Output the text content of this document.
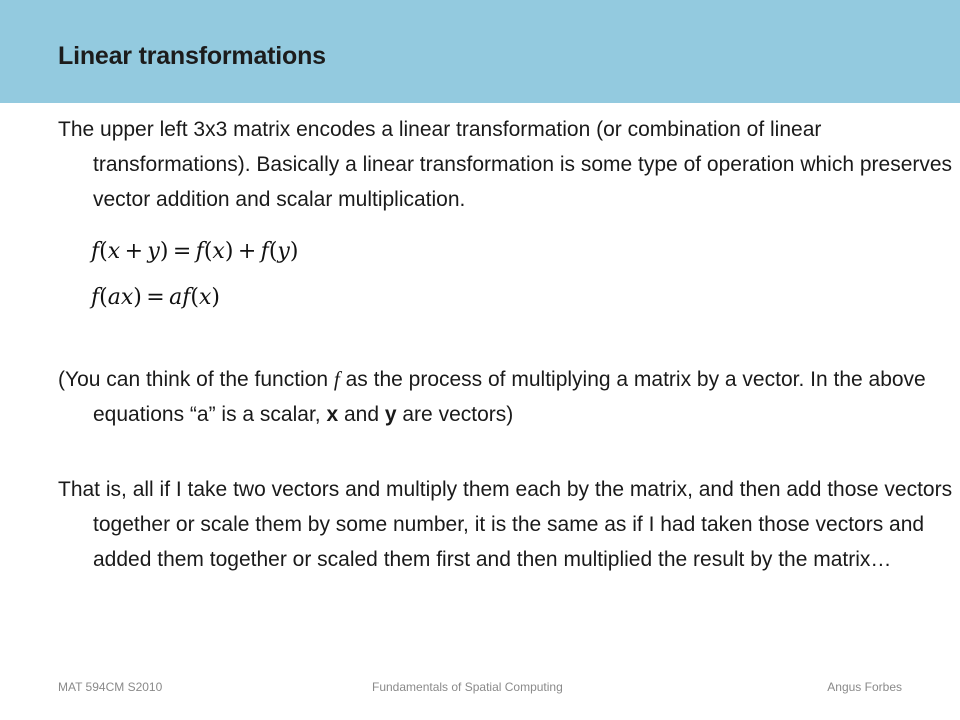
Linear transformations
The upper left 3x3 matrix encodes a linear transformation (or combination of linear transformations). Basically a linear transformation is some type of operation which preserves vector addition and scalar multiplication.
f(x + y) = f(x) + f(y)
f(ax) = af(x)
(You can think of the function f as the process of multiplying a matrix by a vector. In the above equations “a” is a scalar, x and y are vectors)
That is, all if I take two vectors and multiply them each by the matrix, and then add those vectors together or scale them by some number, it is the same as if I had taken those vectors and added them together or scaled them first and then multiplied the result by the matrix…
MAT 594CM S2010	Fundamentals of Spatial Computing	Angus Forbes
